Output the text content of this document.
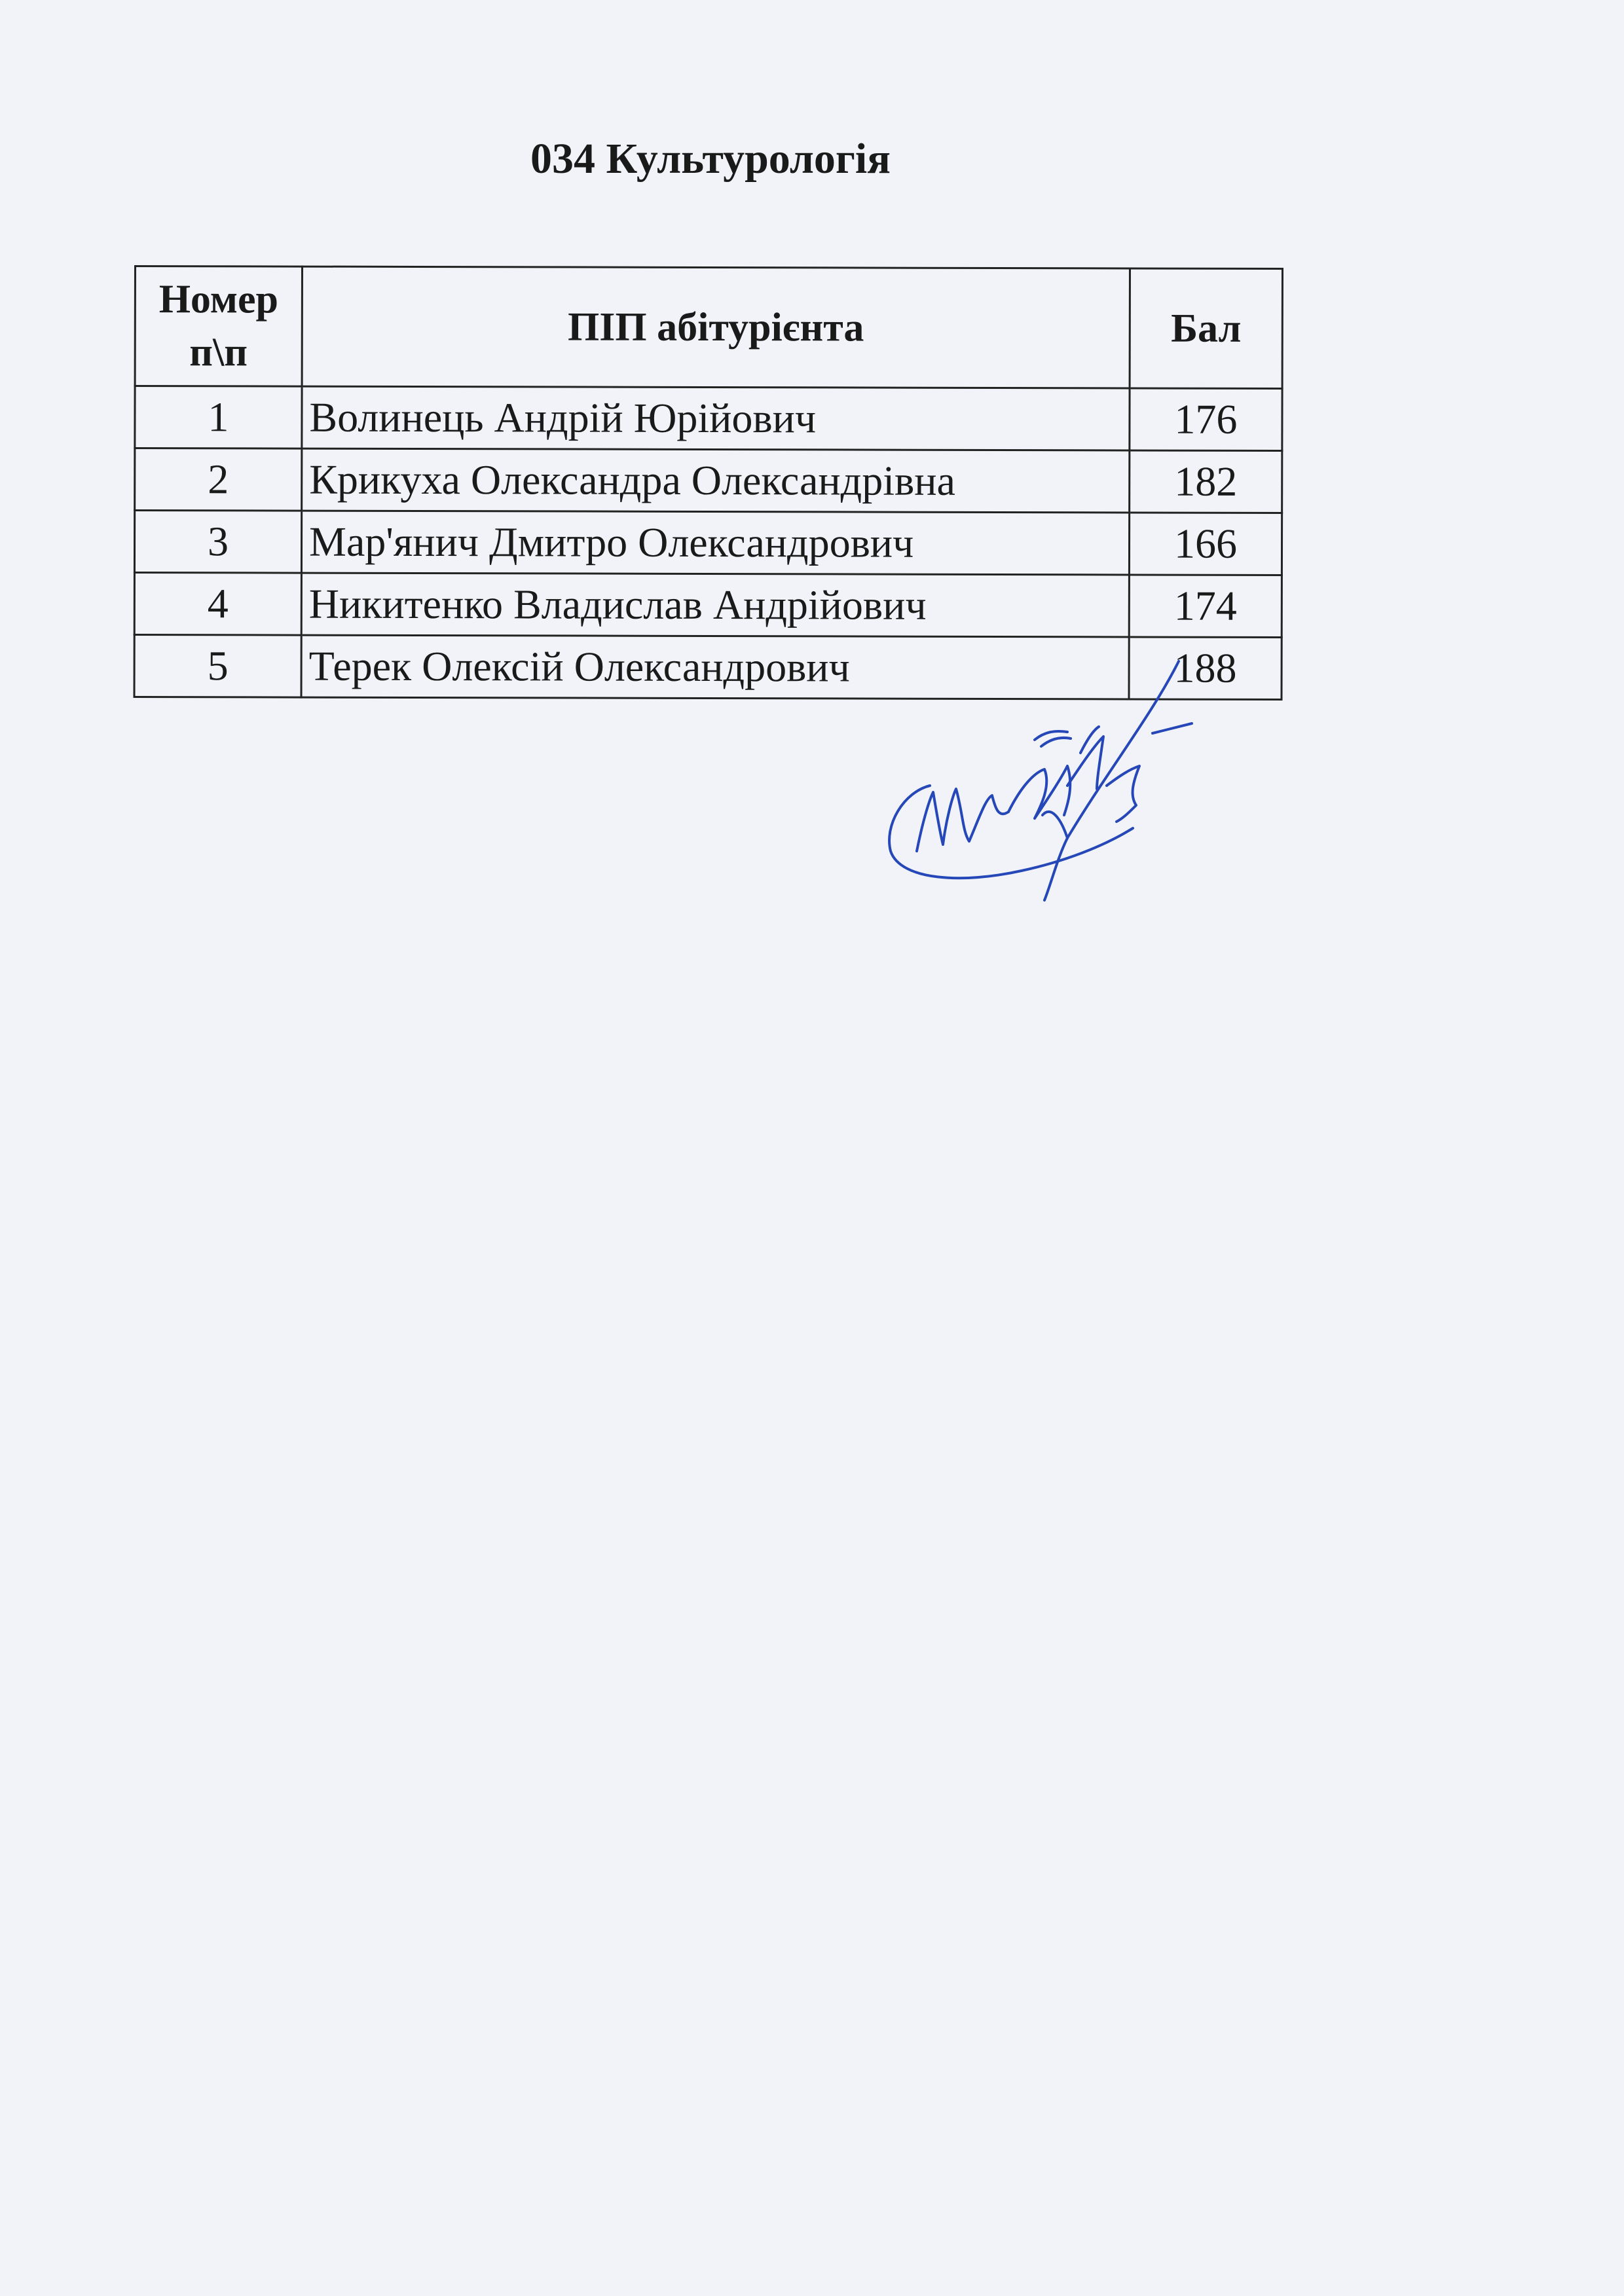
034 Культурологія
Номер
п\п	ПІП абітурієнта	Бал
1	Волинець Андрій Юрійович	176
2	Крикуха Олександра Олександрівна	182
3	Мар'янич Дмитро Олександрович	166
4	Никитенко Владислав Андрійович	174
5	Терек Олексій Олександрович	188
